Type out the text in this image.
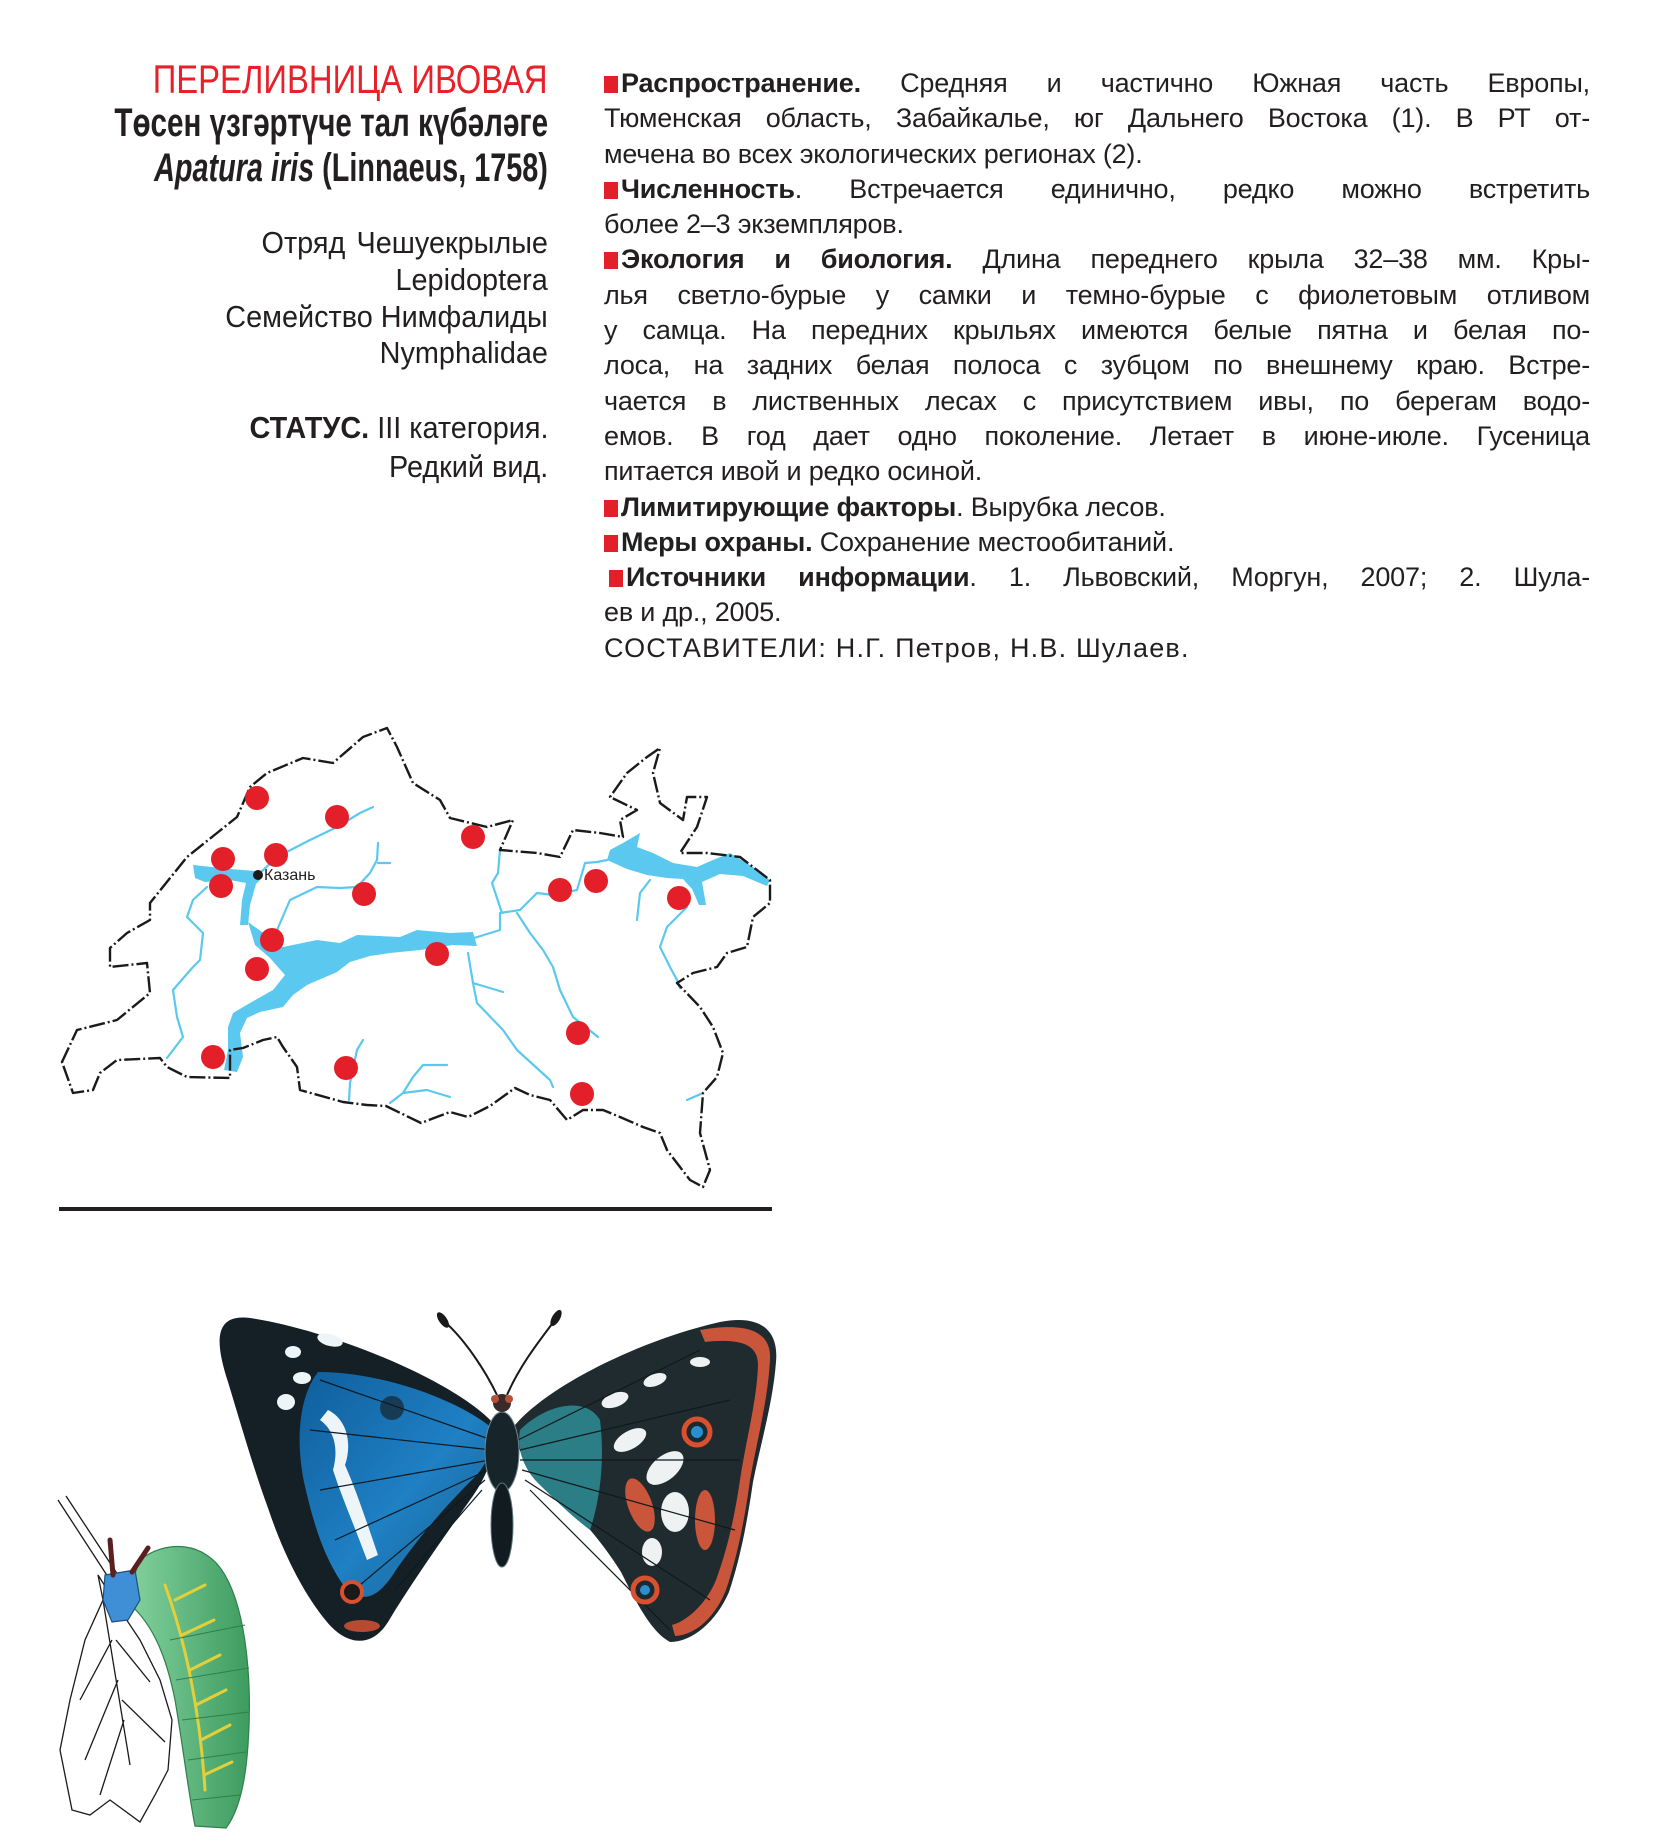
ПЕРЕЛИВНИЦА ИВОВАЯ
Төсен үзгәртүче тал күбәләге
Apatura iris (Linnaeus, 1758)
Отряд Чешуекрылые
Lepidoptera
Семейство Нимфалиды
Nymphalidae
СТАТУС. III категория.
Редкий вид.
Распространение. Средняя и частично Южная часть Европы,
Тюменская область, Забайкалье, юг Дальнего Востока (1). В РТ от-
мечена во всех экологических регионах (2).
Численность. Встречается единично, редко можно встретить
более 2–3 экземпляров.
Экология и биология. Длина переднего крыла 32–38 мм. Кры-
лья светло-бурые у самки и темно-бурые с фиолетовым отливом
у самца. На передних крыльях имеются белые пятна и белая по-
лоса, на задних белая полоса с зубцом по внешнему краю. Встре-
чается в лиственных лесах с присутствием ивы, по берегам водо-
емов. В год дает одно поколение. Летает в июне-июле. Гусеница
питается ивой и редко осиной.
Лимитирующие факторы. Вырубка лесов.
Меры охраны. Сохранение местообитаний.
Источники информации. 1. Львовский, Моргун, 2007; 2. Шула-
ев и др., 2005.
СОСТАВИТЕЛИ: Н.Г. Петров, Н.В. Шулаев.
Казань
